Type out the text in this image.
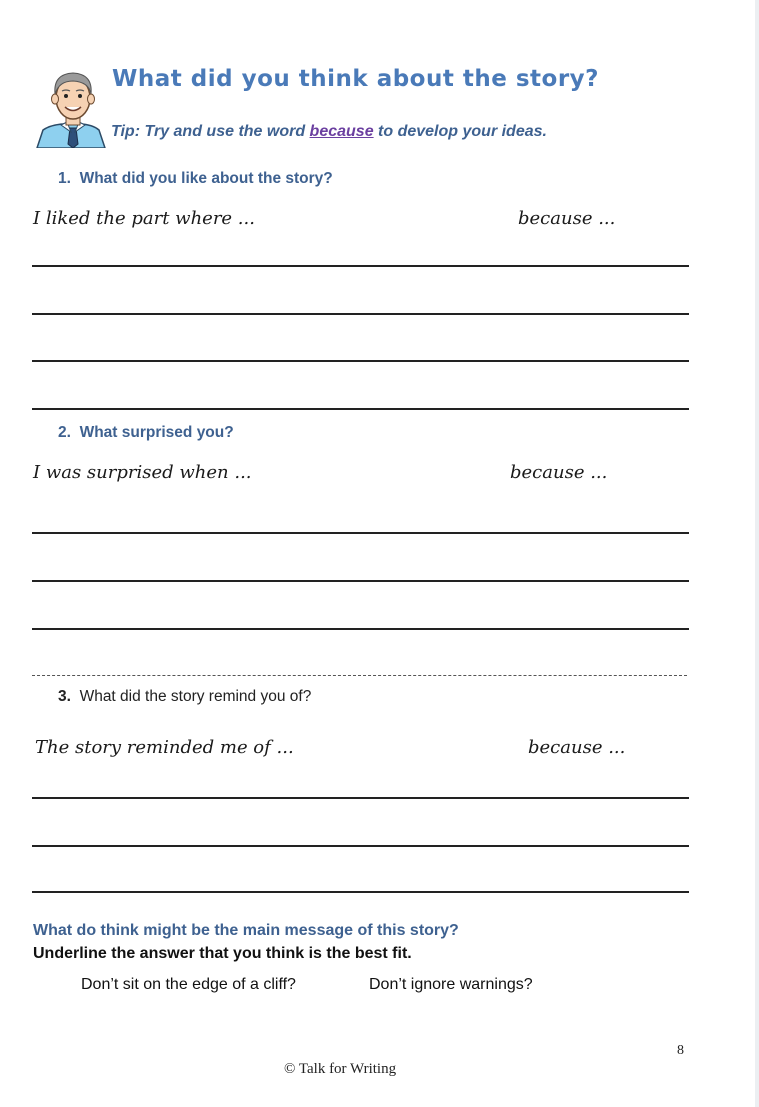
What did you think about the story?
Tip: Try and use the word because to develop your ideas.
1. What did you like about the story?
I liked the part where ...	because ...
2. What surprised you?
I was surprised when ...	because ...
3. What did the story remind you of?
The story reminded me of ...	because ...
What do think might be the main message of this story?
Underline the answer that you think is the best fit.
Don’t sit on the edge of a cliff?	Don’t ignore warnings?
8
© Talk for Writing
